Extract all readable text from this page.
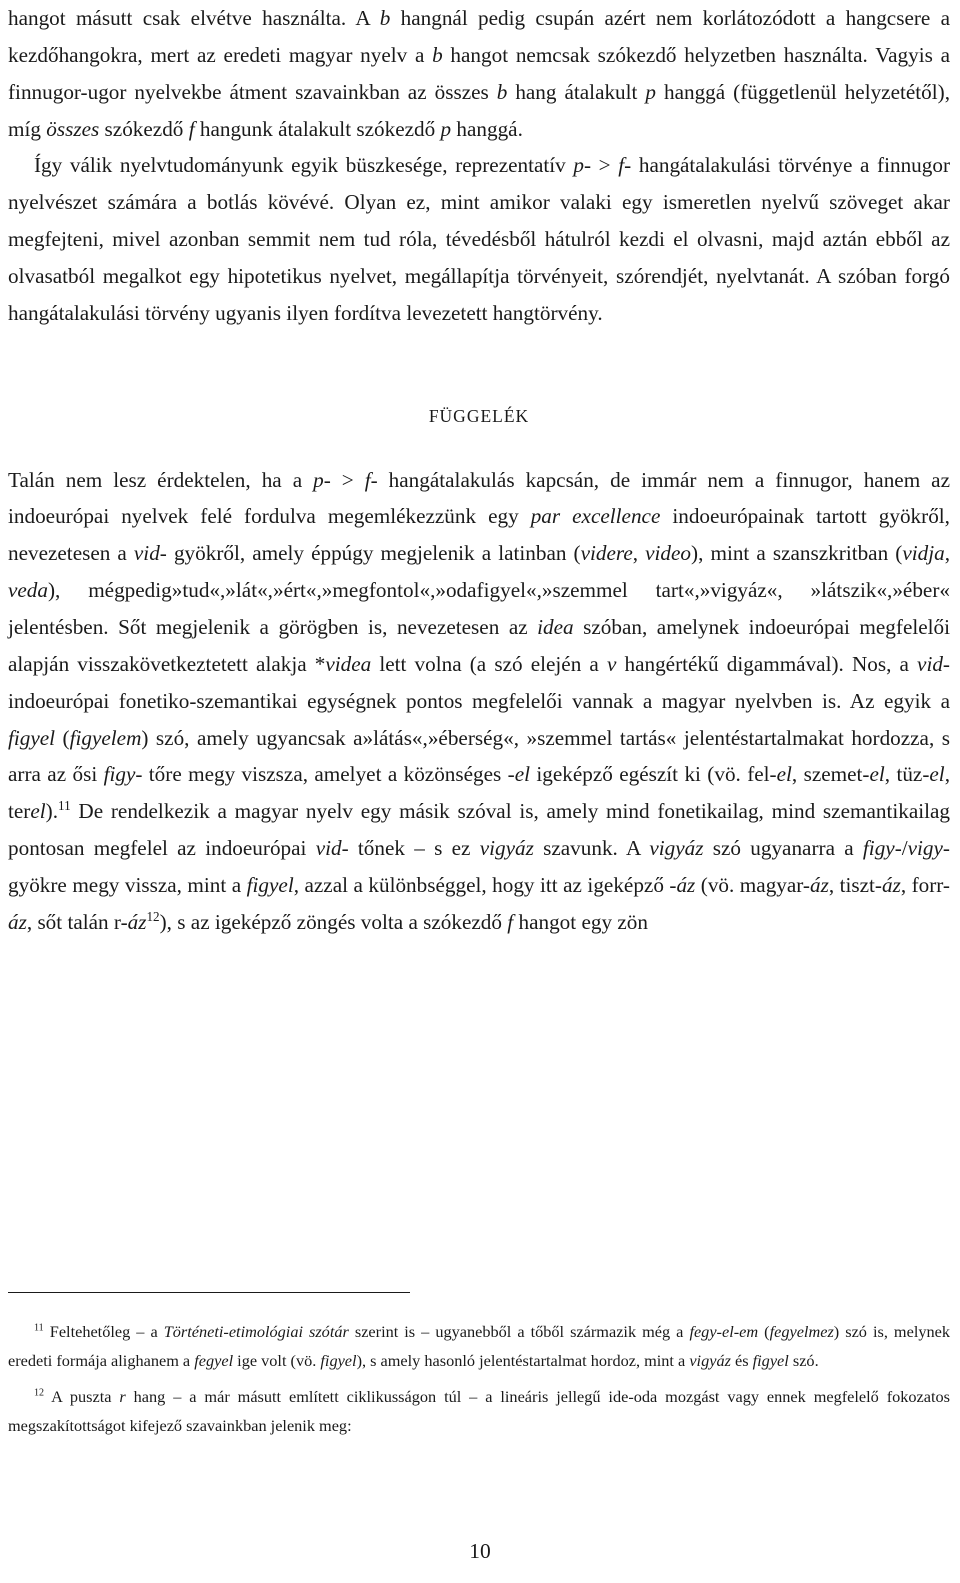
hangot másutt csak elvétve használta. A b hangnál pedig csupán azért nem korlátozódott a hangcsere a kezdőhangokra, mert az eredeti magyar nyelv a b hangot nemcsak szókezdő helyzetben használta. Vagyis a finnugor-ugor nyelvekbe átment szavainkban az összes b hang átalakult p hanggá (függetlenül helyzetétől), míg összes szókezdő f hangunk átalakult szókezdő p hanggá.

Így válik nyelvtudományunk egyik büszkesége, reprezentatív p- > f- hangátalakulási törvénye a finnugor nyelvészet számára a botlás kövévé. Olyan ez, mint amikor valaki egy ismeretlen nyelvű szöveget akar megfejteni, mivel azonban semmit nem tud róla, tévedésből hátulról kezdi el olvasni, majd aztán ebből az olvasatból megalkot egy hipotetikus nyelvet, megállapítja törvényeit, szórendjét, nyelvtanát. A szóban forgó hangátalakulási törvény ugyanis ilyen fordítva levezetett hangtörvény.

FÜGGELÉK

Talán nem lesz érdektelen, ha a p- > f- hangátalakulás kapcsán, de immár nem a finnugor, hanem az indoeurópai nyelvek felé fordulva megemlékezzünk egy par excellence indoeurópainak tartott gyökről, nevezetesen a vid- gyökről, amely éppúgy megjelenik a latinban (videre, video), mint a szanszkritban (vidja, veda), mégpedig»tud«,»lát«,»ért«,»megfontol«,»odafigyel«,»szemmel tart«,»vigyáz«, »látszik«,»éber« jelentésben. Sőt megjelenik a görögben is, nevezetesen az idea szóban, amelynek indoeurópai megfelelői alapján visszakövetkeztetett alakja *videa lett volna (a szó elején a v hangértékű digammával). Nos, a vid- indoeurópai fonetiko-szemantikai egységnek pontos megfelelői vannak a magyar nyelvben is. Az egyik a figyel (figyelem) szó, amely ugyancsak a»látás«,»éberség«, »szemmel tartás« jelentéstartalmakat hordozza, s arra az ősi figy- tőre megy viszsza, amelyet a közönséges -el igeképző egészít ki (vö. fel-el, szemet-el, tüz-el, terel).$^{11}$ De rendelkezik a magyar nyelv egy másik szóval is, amely mind fonetikailag, mind szemantikailag pontosan megfelel az indoeurópai vid- tőnek – s ez vigyáz szavunk. A vigyáz szó ugyanarra a figy-/vigy- gyökre megy vissza, mint a figyel, azzal a különbséggel, hogy itt az igeképző -áz (vö. magyar-áz, tiszt-áz, forr-áz, sőt talán $r-áz^{12}$), s az igeképző zöngés volta a szókezdő f hangot egy zön

$^{11}$ Feltehetőleg – a Történeti-etimológiai szótár szerint is – ugyanebből a tőből származik még a fegy-el-em (fegyelmez) szó is, melynek eredeti formája alighanem a fegyel ige volt (vö. figyel), s amely hasonló jelentéstartalmat hordoz, mint a vigyáz és figyel szó.

$^{12}$ A puszta r hang – a már másutt említett ciklikusságon túl – a lineáris jellegű ide-oda mozgást vagy ennek megfelelő fokozatos megszakítottságot kifejező szavainkban jelenik meg:

10
